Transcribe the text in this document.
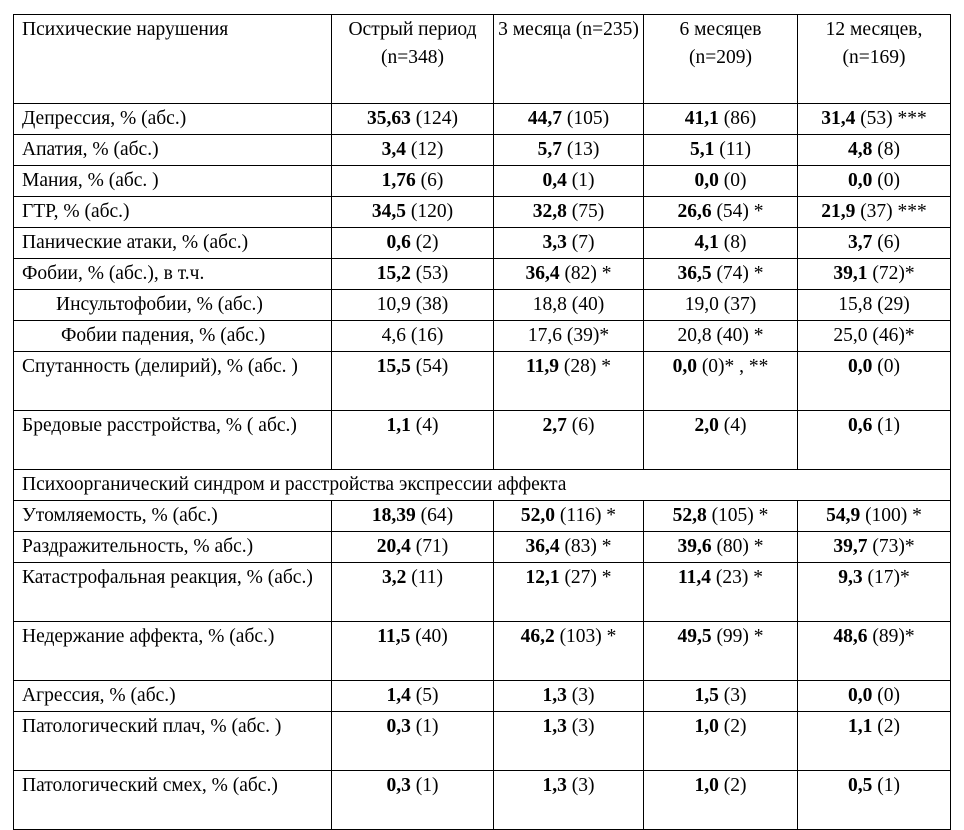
Психические нарушения	Острый период (n=348)	3 месяца (n=235)	6 месяцев (n=209)	12 месяцев, (n=169)
Депрессия, % (абс.)	35,63 (124)	44,7 (105)	41,1 (86)	31,4 (53) ***
Апатия, % (абс.)	3,4 (12)	5,7 (13)	5,1 (11)	4,8 (8)
Мания, % (абс. )	1,76 (6)	0,4 (1)	0,0 (0)	0,0 (0)
ГТР, % (абс.)	34,5 (120)	32,8 (75)	26,6 (54) *	21,9 (37) ***
Панические атаки, % (абс.)	0,6 (2)	3,3 (7)	4,1 (8)	3,7 (6)
Фобии, % (абс.), в т.ч.	15,2 (53)	36,4 (82) *	36,5 (74) *	39,1 (72)*
Инсультофобии, % (абс.)	10,9 (38)	18,8 (40)	19,0 (37)	15,8 (29)
Фобии падения, % (абс.)	4,6 (16)	17,6 (39)*	20,8 (40) *	25,0 (46)*
Спутанность (делирий), % (абс. )	15,5 (54)	11,9 (28) *	0,0 (0)* , **	0,0 (0)
Бредовые расстройства, % ( абс.)	1,1 (4)	2,7 (6)	2,0 (4)	0,6 (1)
Психоорганический синдром и расстройства экспрессии аффекта				
Утомляемость, % (абс.)	18,39 (64)	52,0 (116) *	52,8 (105) *	54,9 (100) *
Раздражительность, % абс.)	20,4 (71)	36,4 (83) *	39,6 (80) *	39,7 (73)*
Катастрофальная реакция, % (абс.)	3,2 (11)	12,1 (27) *	11,4 (23) *	9,3 (17)*
Недержание аффекта, % (абс.)	11,5 (40)	46,2 (103) *	49,5 (99) *	48,6 (89)*
Агрессия, % (абс.)	1,4 (5)	1,3 (3)	1,5 (3)	0,0 (0)
Патологический плач, % (абс. )	0,3 (1)	1,3 (3)	1,0 (2)	1,1 (2)
Патологический смех, % (абс.)	0,3 (1)	1,3 (3)	1,0 (2)	0,5 (1)
